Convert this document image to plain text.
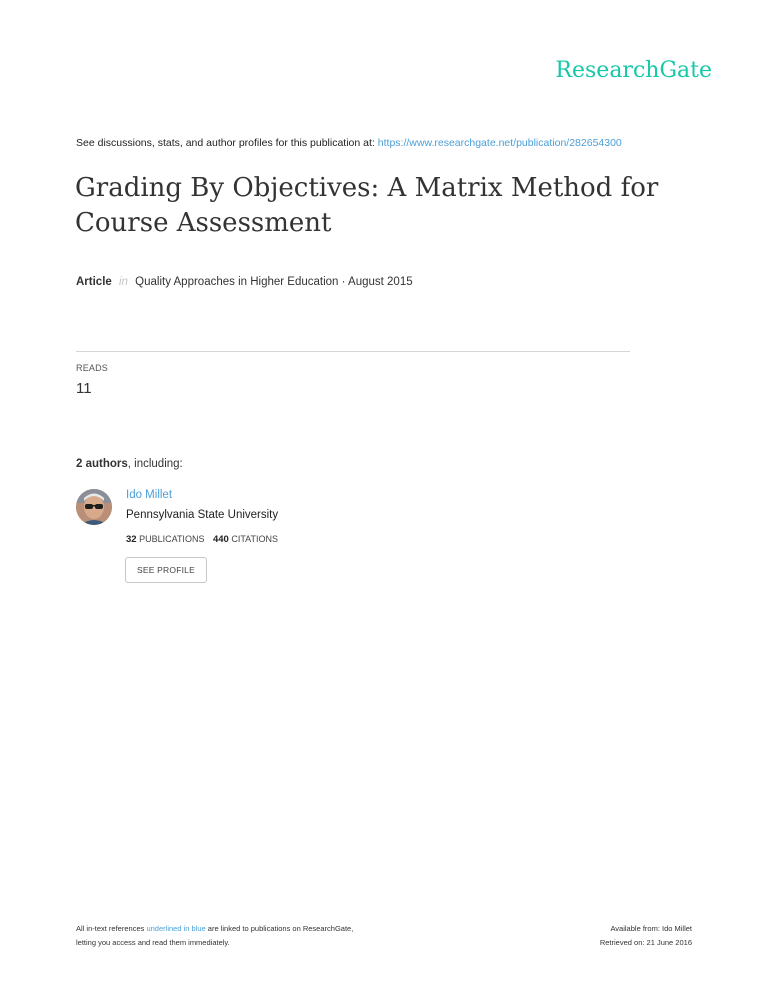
ResearchGate
See discussions, stats, and author profiles for this publication at: https://www.researchgate.net/publication/282654300
Grading By Objectives: A Matrix Method for Course Assessment
Article in Quality Approaches in Higher Education · August 2015
READS
11
2 authors, including:
Ido Millet
Pennsylvania State University
32 PUBLICATIONS 440 CITATIONS
SEE PROFILE
All in-text references underlined in blue are linked to publications on ResearchGate,
letting you access and read them immediately.
Available from: Ido Millet
Retrieved on: 21 June 2016
